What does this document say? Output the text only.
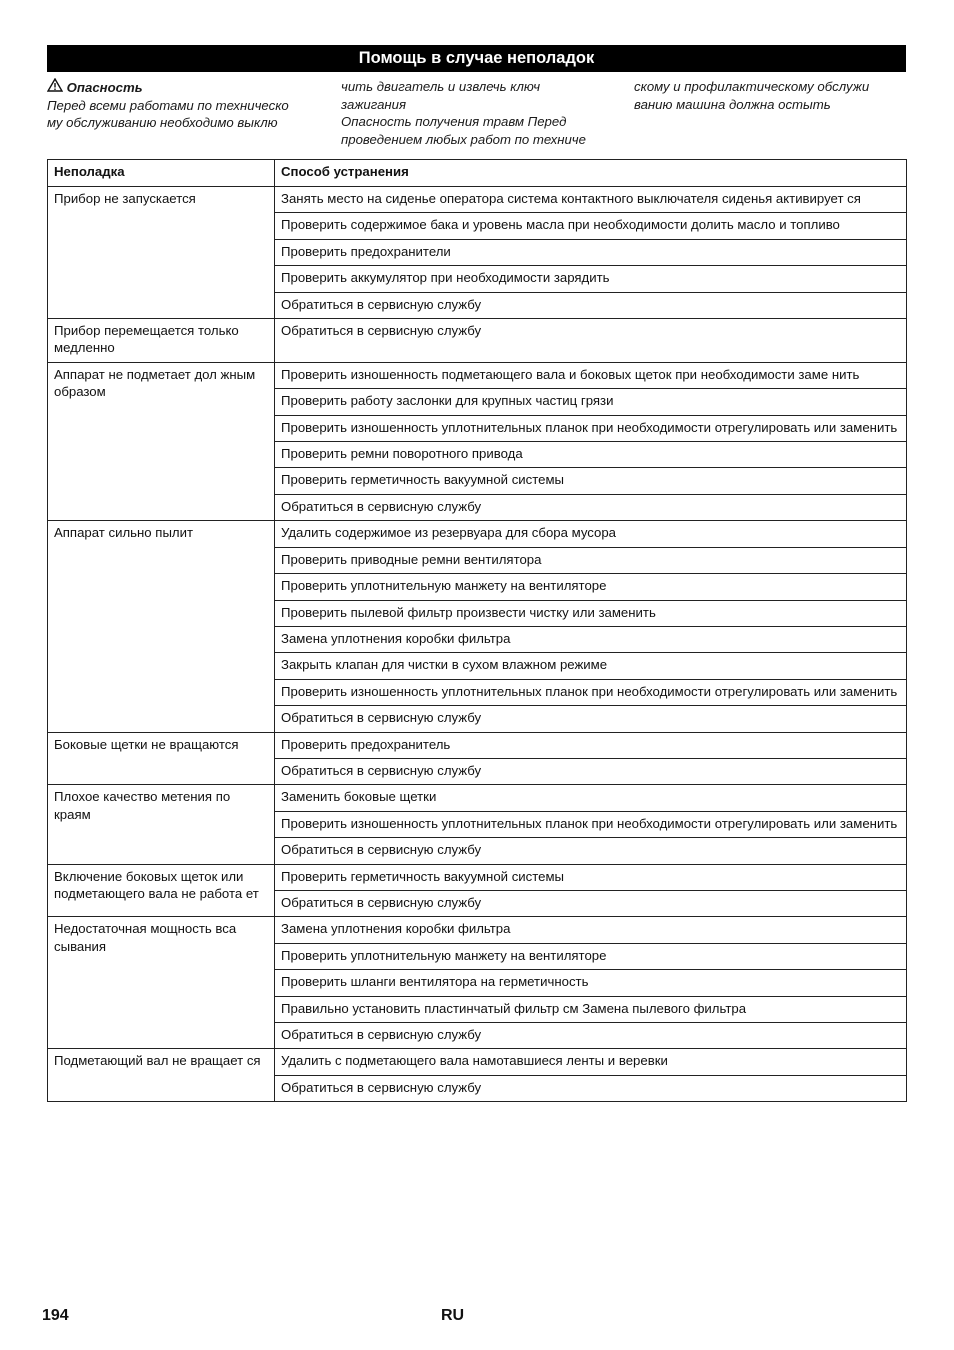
Помощь в случае неполадок
Опасность
Перед всеми работами по техническо
му обслуживанию необходимо выклю
чить двигатель и извлечь ключ
зажигания
Опасность получения травм Перед
проведением любых работ по техниче
скому и профилактическому обслужи
ванию машина должна остыть
Неполадка	Способ устранения
Прибор не запускается	Занять место на сиденье оператора система контактного выключателя сиденья активирует ся
	Проверить содержимое бака и уровень масла при необходимости долить масло и топливо
	Проверить предохранители
	Проверить аккумулятор при необходимости зарядить
	Обратиться в сервисную службу
Прибор перемещается только медленно	Обратиться в сервисную службу
Аппарат не подметает дол жным образом	Проверить изношенность подметающего вала и боковых щеток при необходимости заме нить
	Проверить работу заслонки для крупных частиц грязи
	Проверить изношенность уплотнительных планок при необходимости отрегулировать или заменить
	Проверить ремни поворотного привода
	Проверить герметичность вакуумной системы
	Обратиться в сервисную службу
Аппарат сильно пылит	Удалить содержимое из резервуара для сбора мусора
	Проверить приводные ремни вентилятора
	Проверить уплотнительную манжету на вентиляторе
	Проверить пылевой фильтр произвести чистку или заменить
	Замена уплотнения коробки фильтра
	Закрыть клапан для чистки в сухом влажном режиме
	Проверить изношенность уплотнительных планок при необходимости отрегулировать или заменить
	Обратиться в сервисную службу
Боковые щетки не вращаются	Проверить предохранитель
	Обратиться в сервисную службу
Плохое качество метения по краям	Заменить боковые щетки
	Проверить изношенность уплотнительных планок при необходимости отрегулировать или заменить
	Обратиться в сервисную службу
Включение боковых щеток или подметающего вала не работа ет	Проверить герметичность вакуумной системы
	Обратиться в сервисную службу
Недостаточная мощность вса сывания	Замена уплотнения коробки фильтра
	Проверить уплотнительную манжету на вентиляторе
	Проверить шланги вентилятора на герметичность
	Правильно установить пластинчатый фильтр см Замена пылевого фильтра
	Обратиться в сервисную службу
Подметающий вал не вращает ся	Удалить с подметающего вала намотавшиеся ленты и веревки
	Обратиться в сервисную службу
194	RU
